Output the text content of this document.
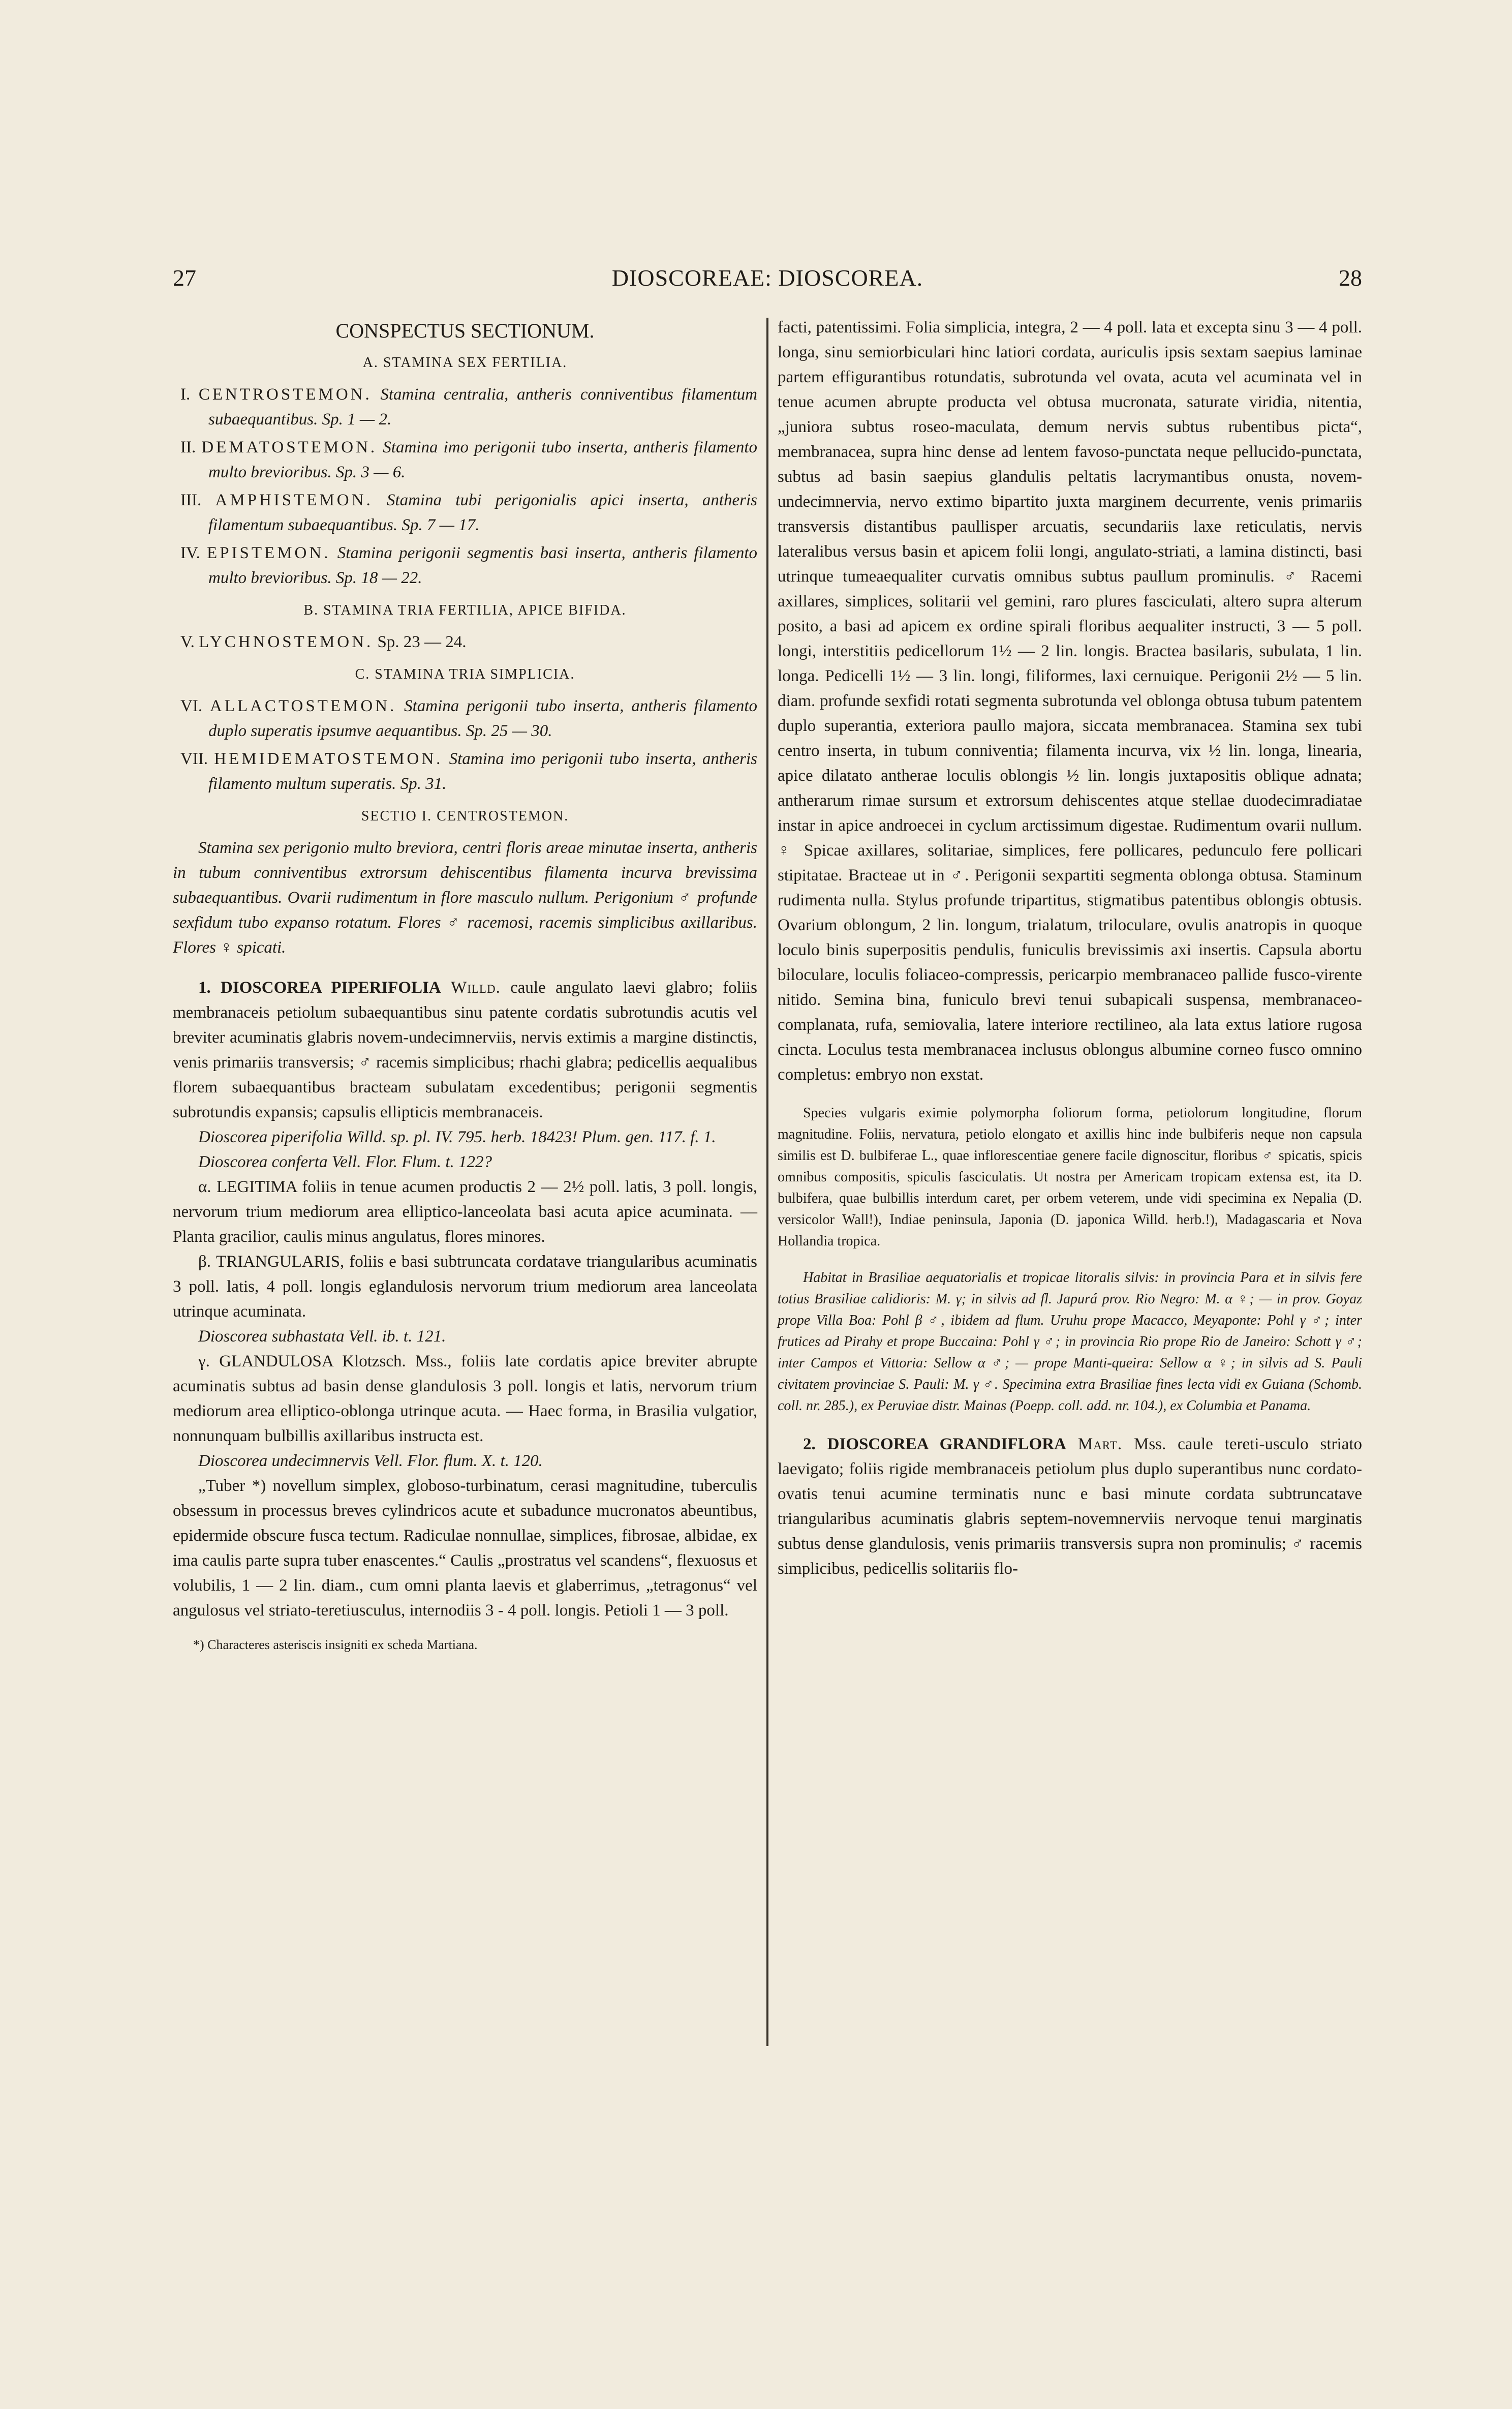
27	DIOSCOREAE: DIOSCOREA.	28

CONSPECTUS SECTIONUM.

A. STAMINA SEX FERTILIA.

I. CENTROSTEMON. Stamina centralia, antheris conniventibus filamentum subaequantibus. Sp. 1 — 2.

II. DEMATOSTEMON. Stamina imo perigonii tubo inserta, antheris filamento multo brevioribus. Sp. 3 — 6.

III. AMPHISTEMON. Stamina tubi perigonialis apici inserta, antheris filamentum subaequantibus. Sp. 7 — 17.

IV. EPISTEMON. Stamina perigonii segmentis basi inserta, antheris filamento multo brevioribus. Sp. 18 — 22.

B. STAMINA TRIA FERTILIA, APICE BIFIDA.

V. LYCHNOSTEMON. Sp. 23 — 24.

C. STAMINA TRIA SIMPLICIA.

VI. ALLACTOSTEMON. Stamina perigonii tubo inserta, antheris filamento duplo superatis ipsumve aequantibus. Sp. 25 — 30.

VII. HEMIDEMATOSTEMON. Stamina imo perigonii tubo inserta, antheris filamento multum superatis. Sp. 31.

SECTIO I. CENTROSTEMON.

Stamina sex perigonio multo breviora, centri floris areae minutae inserta, antheris in tubum conniventibus extrorsum dehiscentibus filamenta incurva brevissima subaequantibus. Ovarii rudimentum in flore masculo nullum. Perigonium ♂ profunde sexfidum tubo expanso rotatum. Flores ♂ racemosi, racemis simplicibus axillaribus. Flores ♀ spicati.

1. DIOSCOREA PIPERIFOLIA Willd. caule angulato laevi glabro; foliis membranaceis petiolum subaequantibus sinu patente cordatis subrotundis acutis vel breviter acuminatis glabris novem-undecimnerviis, nervis extimis a margine distinctis, venis primariis transversis; ♂ racemis simplicibus; rhachi glabra; pedicellis aequalibus florem subaequantibus bracteam subulatam excedentibus; perigonii segmentis subrotundis expansis; capsulis ellipticis membranaceis.

Dioscorea piperifolia Willd. sp. pl. IV. 795. herb. 18423! Plum. gen. 117. f. 1.

Dioscorea conferta Vell. Flor. Flum. t. 122?

α. LEGITIMA foliis in tenue acumen productis 2 — 2½ poll. latis, 3 poll. longis, nervorum trium mediorum area elliptico-lanceolata basi acuta apice acuminata. — Planta gracilior, caulis minus angulatus, flores minores.

β. TRIANGULARIS, foliis e basi subtruncata cordatave triangularibus acuminatis 3 poll. latis, 4 poll. longis eglandulosis nervorum trium mediorum area lanceolata utrinque acuminata.

Dioscorea subhastata Vell. ib. t. 121.

γ. GLANDULOSA Klotzsch. Mss., foliis late cordatis apice breviter abrupte acuminatis subtus ad basin dense glandulosis 3 poll. longis et latis, nervorum trium mediorum area elliptico-oblonga utrinque acuta. — Haec forma, in Brasilia vulgatior, nonnunquam bulbillis axillaribus instructa est.

Dioscorea undecimnervis Vell. Flor. flum. X. t. 120.

„Tuber *) novellum simplex, globoso-turbinatum, cerasi magnitudine, tuberculis obsessum in processus breves cylindricos acute et subadunce mucronatos abeuntibus, epidermide obscure fusca tectum. Radiculae nonnullae, simplices, fibrosae, albidae, ex ima caulis parte supra tuber enascentes.“ Caulis „prostratus vel scandens“, flexuosus et volubilis, 1 — 2 lin. diam., cum omni planta laevis et glaberrimus, „tetragonus“ vel angulosus vel striato-teretiusculus, internodiis 3 - 4 poll. longis. Petioli 1 — 3 poll.

*) Characteres asteriscis insigniti ex scheda Martiana.

facti, patentissimi. Folia simplicia, integra, 2 — 4 poll. lata et excepta sinu 3 — 4 poll. longa, sinu semiorbiculari hinc latiori cordata, auriculis ipsis sextam saepius laminae partem effigurantibus rotundatis, subrotunda vel ovata, acuta vel acuminata vel in tenue acumen abrupte producta vel obtusa mucronata, saturate viridia, nitentia, „juniora subtus roseo-maculata, demum nervis subtus rubentibus picta“, membranacea, supra hinc dense ad lentem favoso-punctata neque pellucido-punctata, subtus ad basin saepius glandulis peltatis lacrymantibus onusta, novem-undecimnervia, nervo extimo bipartito juxta marginem decurrente, venis primariis transversis distantibus paullisper arcuatis, secundariis laxe reticulatis, nervis lateralibus versus basin et apicem folii longi, angulato-striati, a lamina distincti, basi utrinque tumeaequaliter curvatis omnibus subtus paullum prominulis. ♂ Racemi axillares, simplices, solitarii vel gemini, raro plures fasciculati, altero supra alterum posito, a basi ad apicem ex ordine spirali floribus aequaliter instructi, 3 — 5 poll. longi, interstitiis pedicellorum 1½ — 2 lin. longis. Bractea basilaris, subulata, 1 lin. longa. Pedicelli 1½ — 3 lin. longi, filiformes, laxi cernuique. Perigonii 2½ — 5 lin. diam. profunde sexfidi rotati segmenta subrotunda vel oblonga obtusa tubum patentem duplo superantia, exteriora paullo majora, siccata membranacea. Stamina sex tubi centro inserta, in tubum conniventia; filamenta incurva, vix ½ lin. longa, linearia, apice dilatato antherae loculis oblongis ½ lin. longis juxtapositis oblique adnata; antherarum rimae sursum et extrorsum dehiscentes atque stellae duodecimradiatae instar in apice androecei in cyclum arctissimum digestae. Rudimentum ovarii nullum. ♀ Spicae axillares, solitariae, simplices, fere pollicares, pedunculo fere pollicari stipitatae. Bracteae ut in ♂. Perigonii sexpartiti segmenta oblonga obtusa. Staminum rudimenta nulla. Stylus profunde tripartitus, stigmatibus patentibus oblongis obtusis. Ovarium oblongum, 2 lin. longum, trialatum, triloculare, ovulis anatropis in quoque loculo binis superpositis pendulis, funiculis brevissimis axi insertis. Capsula abortu biloculare, loculis foliaceo-compressis, pericarpio membranaceo pallide fusco-virente nitido. Semina bina, funiculo brevi tenui subapicali suspensa, membranaceo-complanata, rufa, semiovalia, latere interiore rectilineo, ala lata extus latiore rugosa cincta. Loculus testa membranacea inclusus oblongus albumine corneo fusco omnino completus: embryo non exstat.

Species vulgaris eximie polymorpha foliorum forma, petiolorum longitudine, florum magnitudine. Foliis, nervatura, petiolo elongato et axillis hinc inde bulbiferis neque non capsula similis est D. bulbiferae L., quae inflorescentiae genere facile dignoscitur, floribus ♂ spicatis, spicis omnibus compositis, spiculis fasciculatis. Ut nostra per Americam tropicam extensa est, ita D. bulbifera, quae bulbillis interdum caret, per orbem veterem, unde vidi specimina ex Nepalia (D. versicolor Wall!), Indiae peninsula, Japonia (D. japonica Willd. herb.!), Madagascaria et Nova Hollandia tropica.

Habitat in Brasiliae aequatorialis et tropicae litoralis silvis: in provincia Para et in silvis fere totius Brasiliae calidioris: M. γ; in silvis ad fl. Japurá prov. Rio Negro: M. α ♀; — in prov. Goyaz prope Villa Boa: Pohl β ♂, ibidem ad flum. Uruhu prope Macacco, Meyaponte: Pohl γ ♂; inter frutices ad Pirahy et prope Buccaina: Pohl γ ♂; in provincia Rio prope Rio de Janeiro: Schott γ ♂; inter Campos et Vittoria: Sellow α ♂; — prope Manti-queira: Sellow α ♀; in silvis ad S. Pauli civitatem provinciae S. Pauli: M. γ ♂. Specimina extra Brasiliae fines lecta vidi ex Guiana (Schomb. coll. nr. 285.), ex Peruviae distr. Mainas (Poepp. coll. add. nr. 104.), ex Columbia et Panama.

2. DIOSCOREA GRANDIFLORA Mart. Mss. caule tereti-usculo striato laevigato; foliis rigide membranaceis petiolum plus duplo superantibus nunc cordato-ovatis tenui acumine terminatis nunc e basi minute cordata subtruncatave triangularibus acuminatis glabris septem-novemnerviis nervoque tenui marginatis subtus dense glandulosis, venis primariis transversis supra non prominulis; ♂ racemis simplicibus, pedicellis solitariis flo-
